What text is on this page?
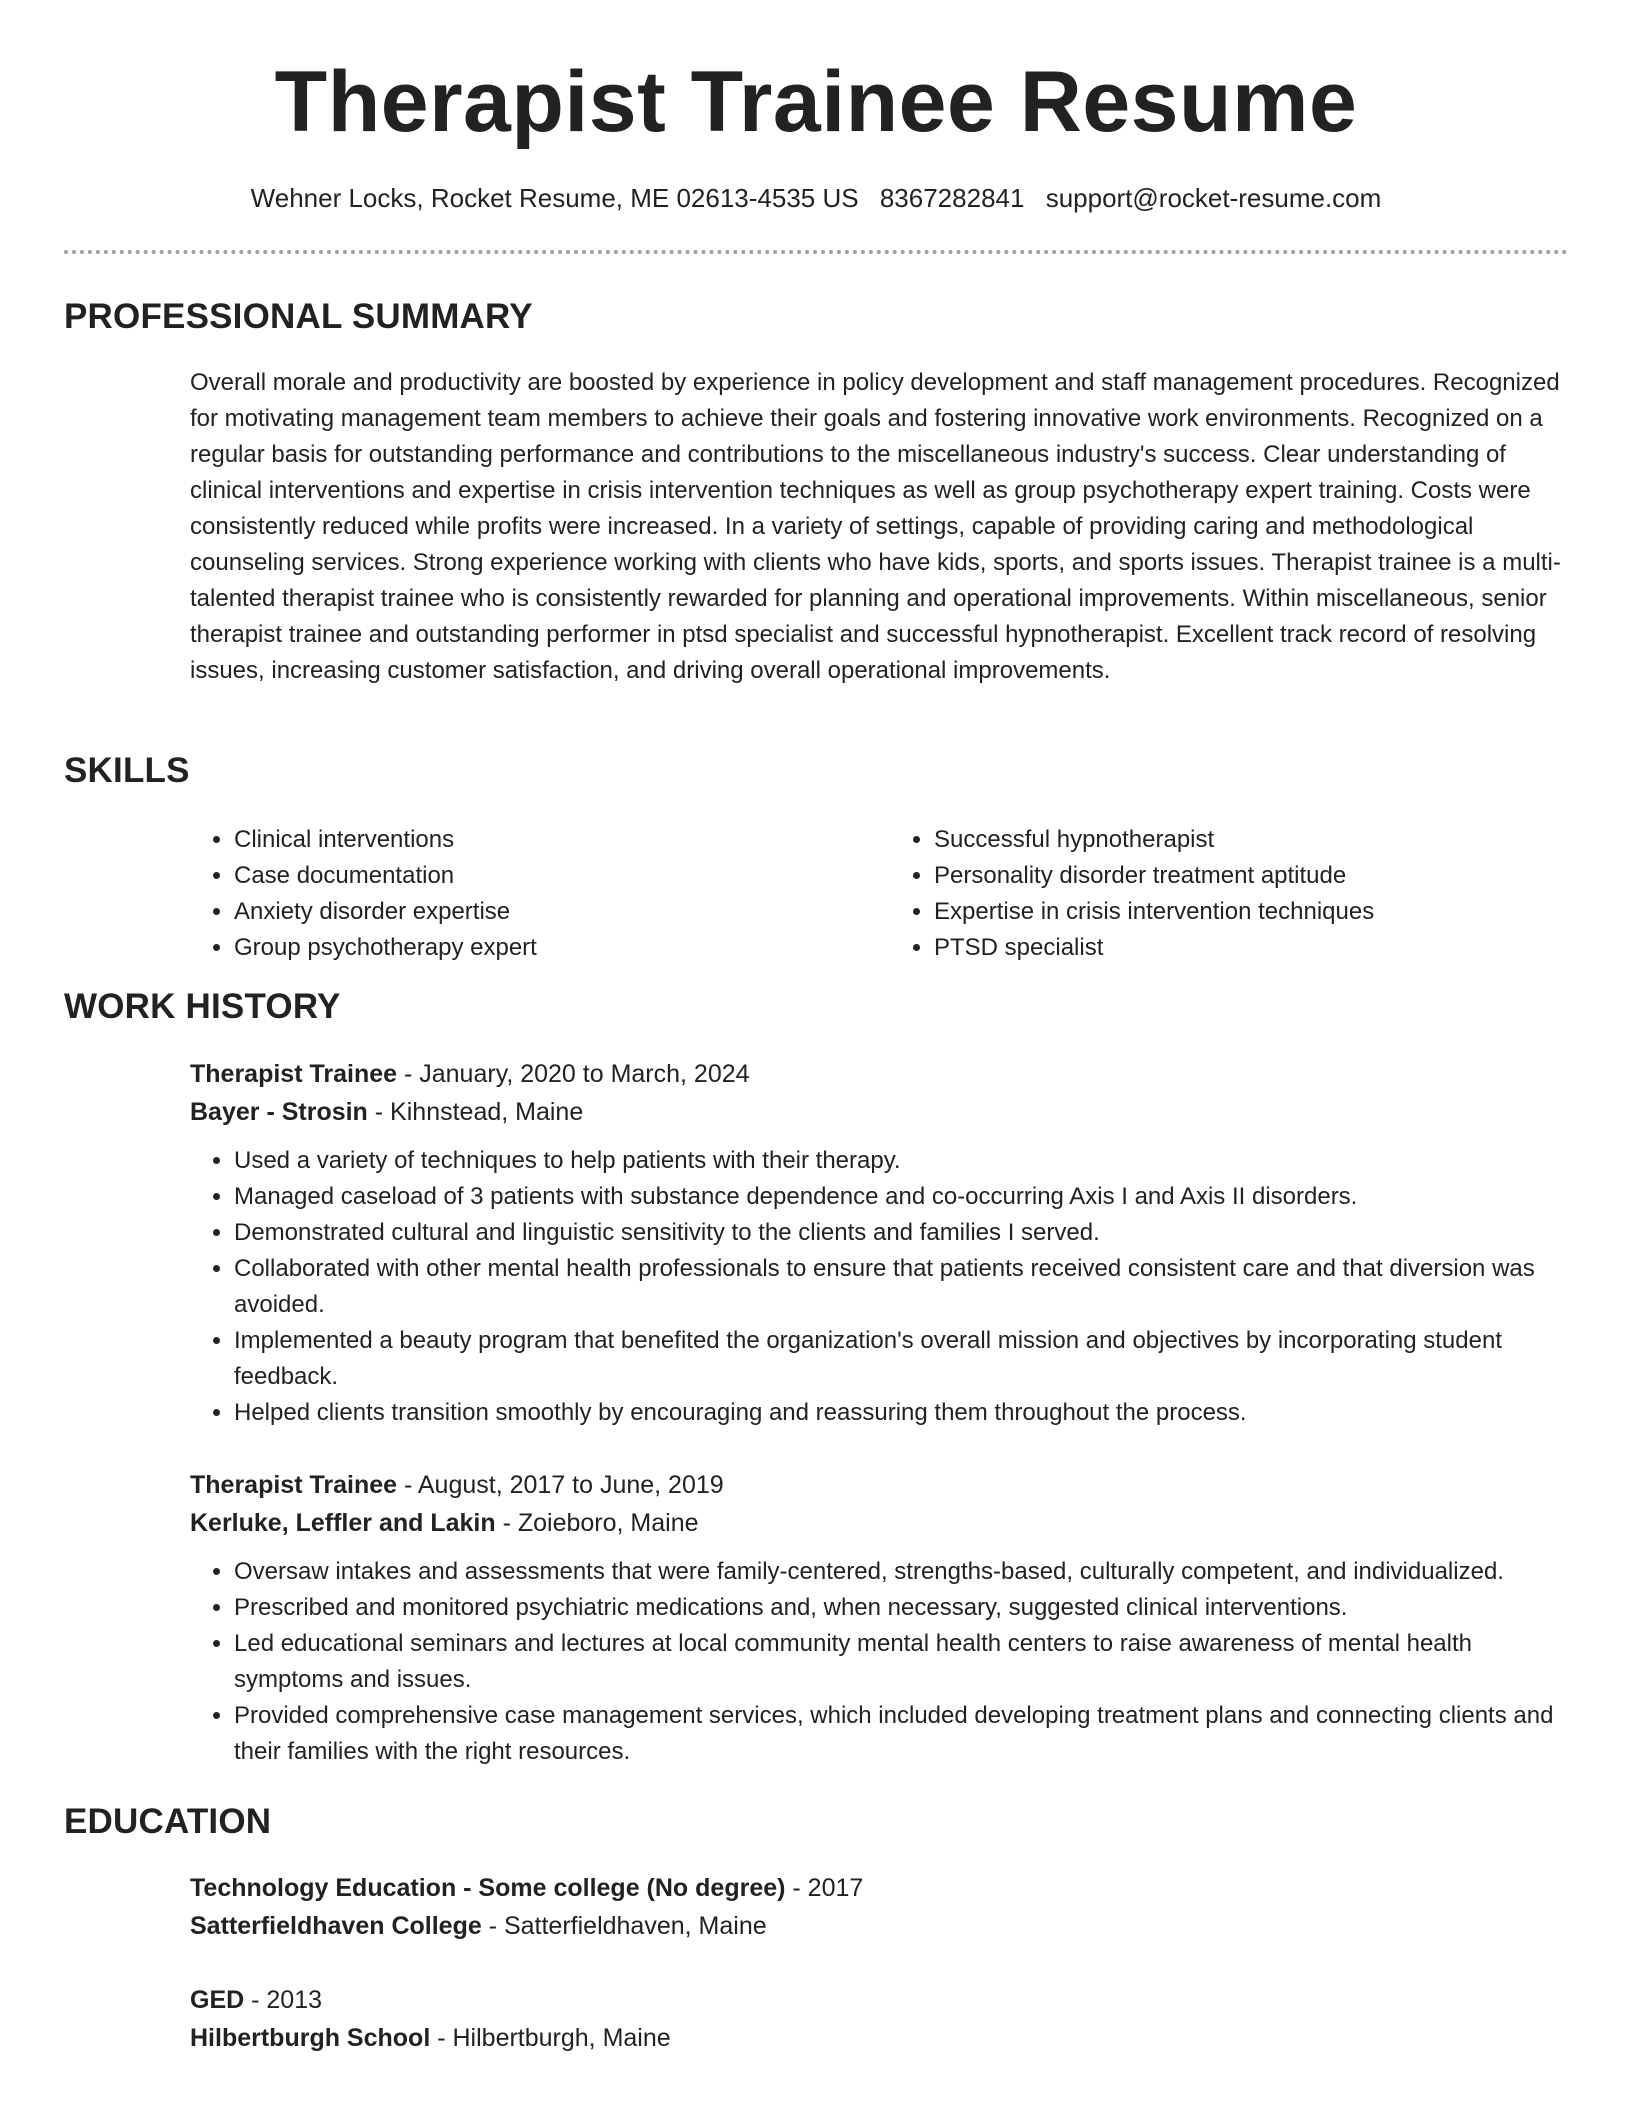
Therapist Trainee Resume
Wehner Locks, Rocket Resume, ME 02613-4535 US 8367282841 support@rocket-resume.com
PROFESSIONAL SUMMARY

Overall morale and productivity are boosted by experience in policy development and staff management procedures. Recognized for motivating management team members to achieve their goals and fostering innovative work environments. Recognized on a regular basis for outstanding performance and contributions to the miscellaneous industry's success. Clear understanding of clinical interventions and expertise in crisis intervention techniques as well as group psychotherapy expert training. Costs were consistently reduced while profits were increased. In a variety of settings, capable of providing caring and methodological counseling services. Strong experience working with clients who have kids, sports, and sports issues. Therapist trainee is a multi-talented therapist trainee who is consistently rewarded for planning and operational improvements. Within miscellaneous, senior therapist trainee and outstanding performer in ptsd specialist and successful hypnotherapist. Excellent track record of resolving issues, increasing customer satisfaction, and driving overall operational improvements.

SKILLS
• Clinical interventions
• Case documentation
• Anxiety disorder expertise
• Group psychotherapy expert
• Successful hypnotherapist
• Personality disorder treatment aptitude
• Expertise in crisis intervention techniques
• PTSD specialist
WORK HISTORY

Therapist Trainee - January, 2020 to March, 2024

Bayer - Strosin - Kihnstead, Maine

• Used a variety of techniques to help patients with their therapy.
• Managed caseload of 3 patients with substance dependence and co-occurring Axis I and Axis II disorders.
• Demonstrated cultural and linguistic sensitivity to the clients and families I served.
• Collaborated with other mental health professionals to ensure that patients received consistent care and that diversion was avoided.
• Implemented a beauty program that benefited the organization's overall mission and objectives by incorporating student feedback.
• Helped clients transition smoothly by encouraging and reassuring them throughout the process.

Therapist Trainee - August, 2017 to June, 2019

Kerluke, Leffler and Lakin - Zoieboro, Maine

• Oversaw intakes and assessments that were family-centered, strengths-based, culturally competent, and individualized.
• Prescribed and monitored psychiatric medications and, when necessary, suggested clinical interventions.
• Led educational seminars and lectures at local community mental health centers to raise awareness of mental health symptoms and issues.
• Provided comprehensive case management services, which included developing treatment plans and connecting clients and their families with the right resources.
EDUCATION

Technology Education - Some college (No degree) - 2017

Satterfieldhaven College - Satterfieldhaven, Maine

GED - 2013

Hilbertburgh School - Hilbertburgh, Maine
